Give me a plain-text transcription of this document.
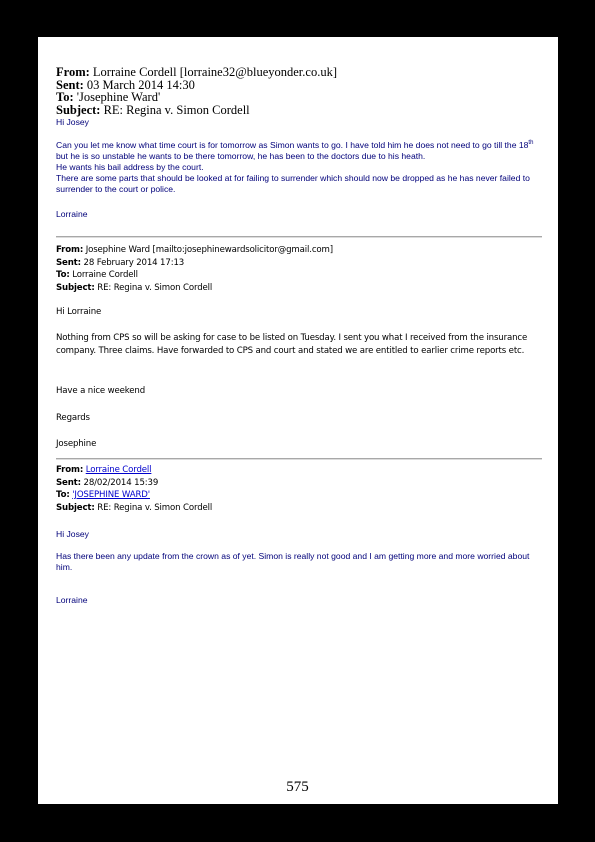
From: Lorraine Cordell [lorraine32@blueyonder.co.uk]
Sent: 03 March 2014 14:30
To: 'Josephine Ward'
Subject: RE: Regina v. Simon Cordell
Hi Josey

Can you let me know what time court is for tomorrow as Simon wants to go. I have told him he does not need to go till the 18th but he is so unstable he wants to be there tomorrow, he has been to the doctors due to his heath.

He wants his bail address by the court.

There are some parts that should be looked at for failing to surrender which should now be dropped as he has never failed to surrender to the court or police.

Lorraine
From: Josephine Ward [mailto:josephinewardsolicitor@gmail.com]
Sent: 28 February 2014 17:13
To: Lorraine Cordell
Subject: RE: Regina v. Simon Cordell
Hi Lorraine
Nothing from CPS so will be asking for case to be listed on Tuesday. I sent you what I received from the insurance company. Three claims. Have forwarded to CPS and court and stated we are entitled to earlier crime reports etc.
Have a nice weekend
Regards
Josephine
From: Lorraine Cordell
Sent: 28/02/2014 15:39
To: 'JOSEPHINE WARD'
Subject: RE: Regina v. Simon Cordell
Hi Josey
Has there been any update from the crown as of yet. Simon is really not good and I am getting more and more worried about him.
Lorraine
575
